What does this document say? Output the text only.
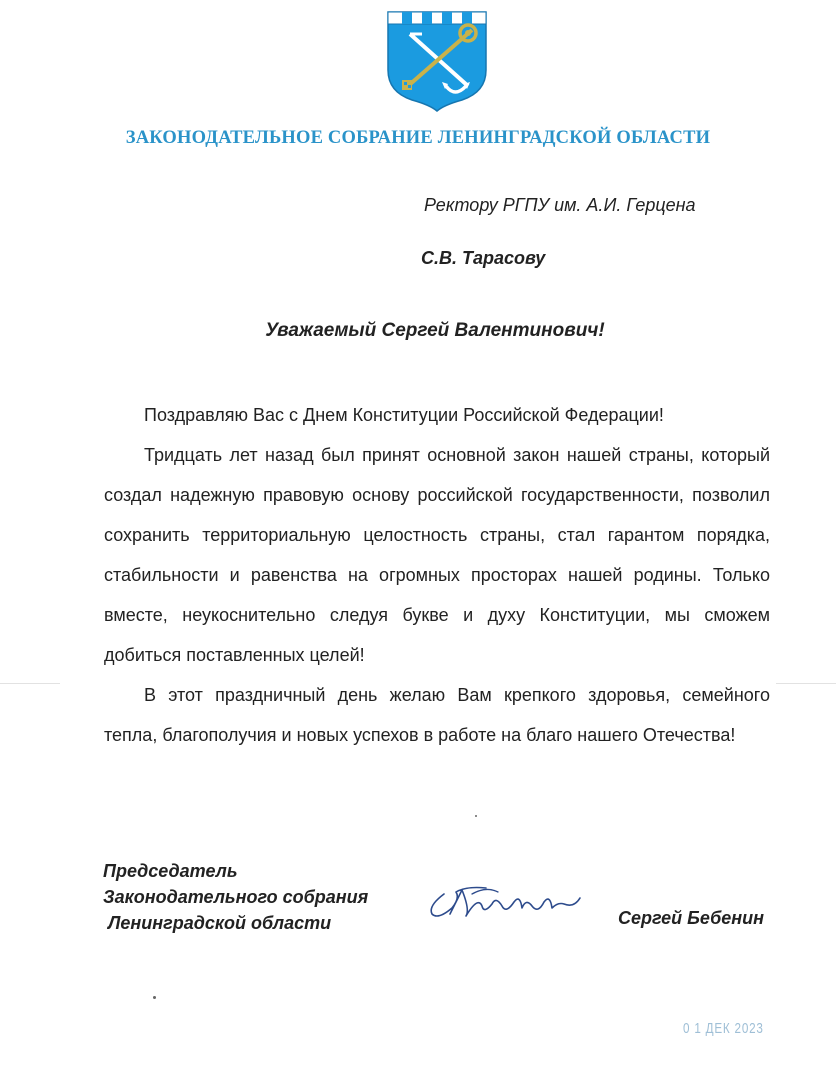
ЗАКОНОДАТЕЛЬНОЕ СОБРАНИЕ ЛЕНИНГРАДСКОЙ ОБЛАСТИ
Ректору РГПУ им. А.И. Герцена
С.В. Тарасову
Уважаемый Сергей Валентинович!

Поздравляю Вас с Днем Конституции Российской Федерации!

Тридцать лет назад был принят основной закон нашей страны, который создал надежную правовую основу российской государственности, позволил сохранить территориальную целостность страны, стал гарантом порядка, стабильности и равенства на огромных просторах нашей родины. Только вместе, неукоснительно следуя букве и духу Конституции, мы сможем добиться поставленных целей!

В этот праздничный день желаю Вам крепкого здоровья, семейного тепла, благополучия и новых успехов в работе на благо нашего Отечества!

Председатель
Законодательного собрания
Ленинградской области	Сергей Бебенин
0 1 ДЕК 2023
